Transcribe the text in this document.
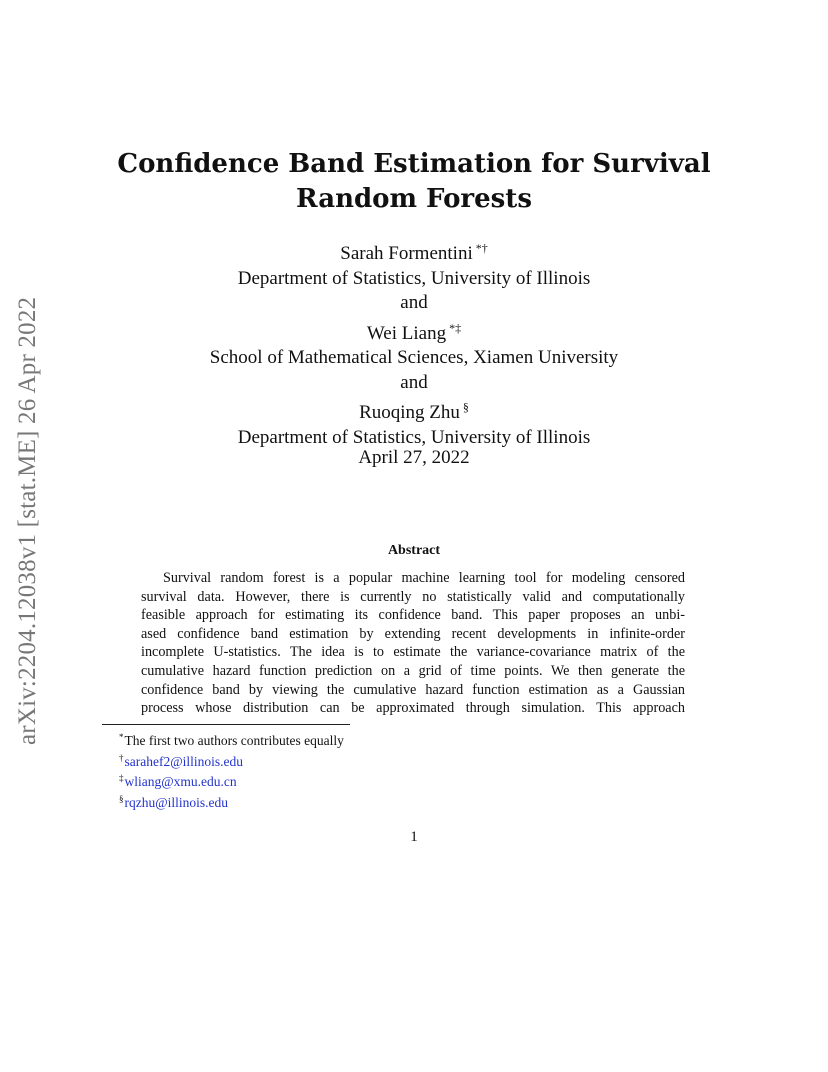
arXiv:2204.12038v1 [stat.ME] 26 Apr 2022
Confidence Band Estimation for Survival
Random Forests
Sarah Formentini *†
Department of Statistics, University of Illinois
and
Wei Liang *‡
School of Mathematical Sciences, Xiamen University
and
Ruoqing Zhu §
Department of Statistics, University of Illinois
April 27, 2022
Abstract
Survival random forest is a popular machine learning tool for modeling censored
survival data. However, there is currently no statistically valid and computationally
feasible approach for estimating its confidence band. This paper proposes an unbi-
ased confidence band estimation by extending recent developments in infinite-order
incomplete U-statistics. The idea is to estimate the variance-covariance matrix of the
cumulative hazard function prediction on a grid of time points. We then generate the
confidence band by viewing the cumulative hazard function estimation as a Gaussian
process whose distribution can be approximated through simulation. This approach
*The first two authors contributes equally
†sarahef2@illinois.edu
‡wliang@xmu.edu.cn
§rqzhu@illinois.edu
1
